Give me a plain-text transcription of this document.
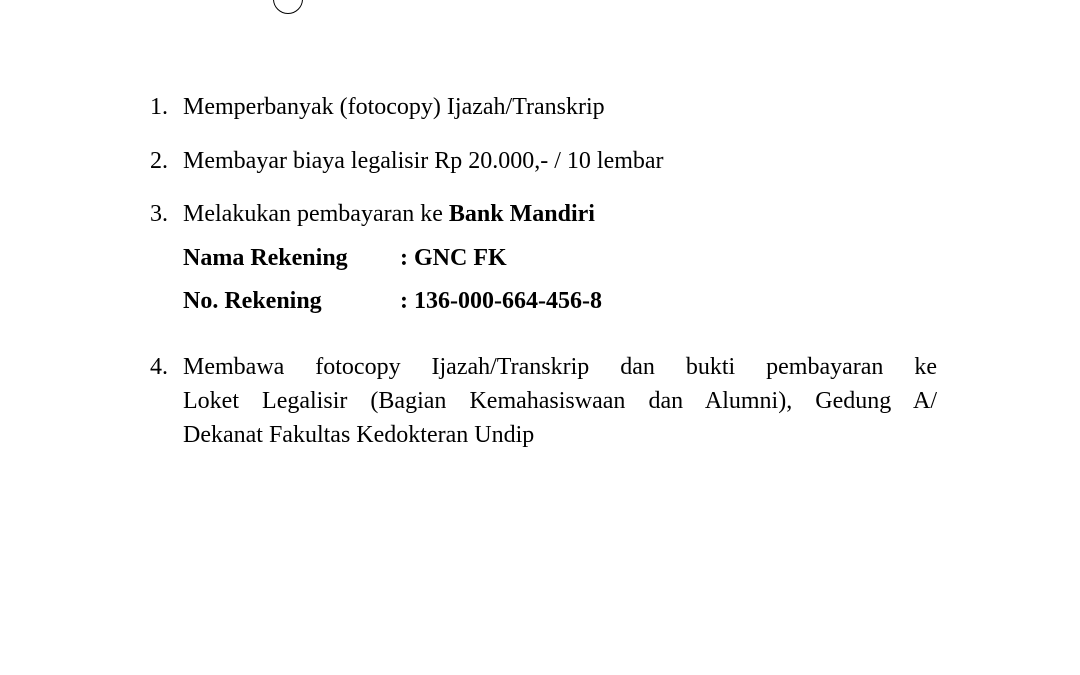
1. Memperbanyak (fotocopy) Ijazah/Transkrip
2. Membayar biaya legalisir Rp 20.000,- / 10 lembar
3. Melakukan pembayaran ke Bank Mandiri
Nama Rekening : GNC FK
No. Rekening	: 136-000-664-456-8
4. Membawa fotocopy Ijazah/Transkrip dan bukti pembayaran ke
Loket Legalisir (Bagian Kemahasiswaan dan Alumni), Gedung A/
Dekanat Fakultas Kedokteran Undip
